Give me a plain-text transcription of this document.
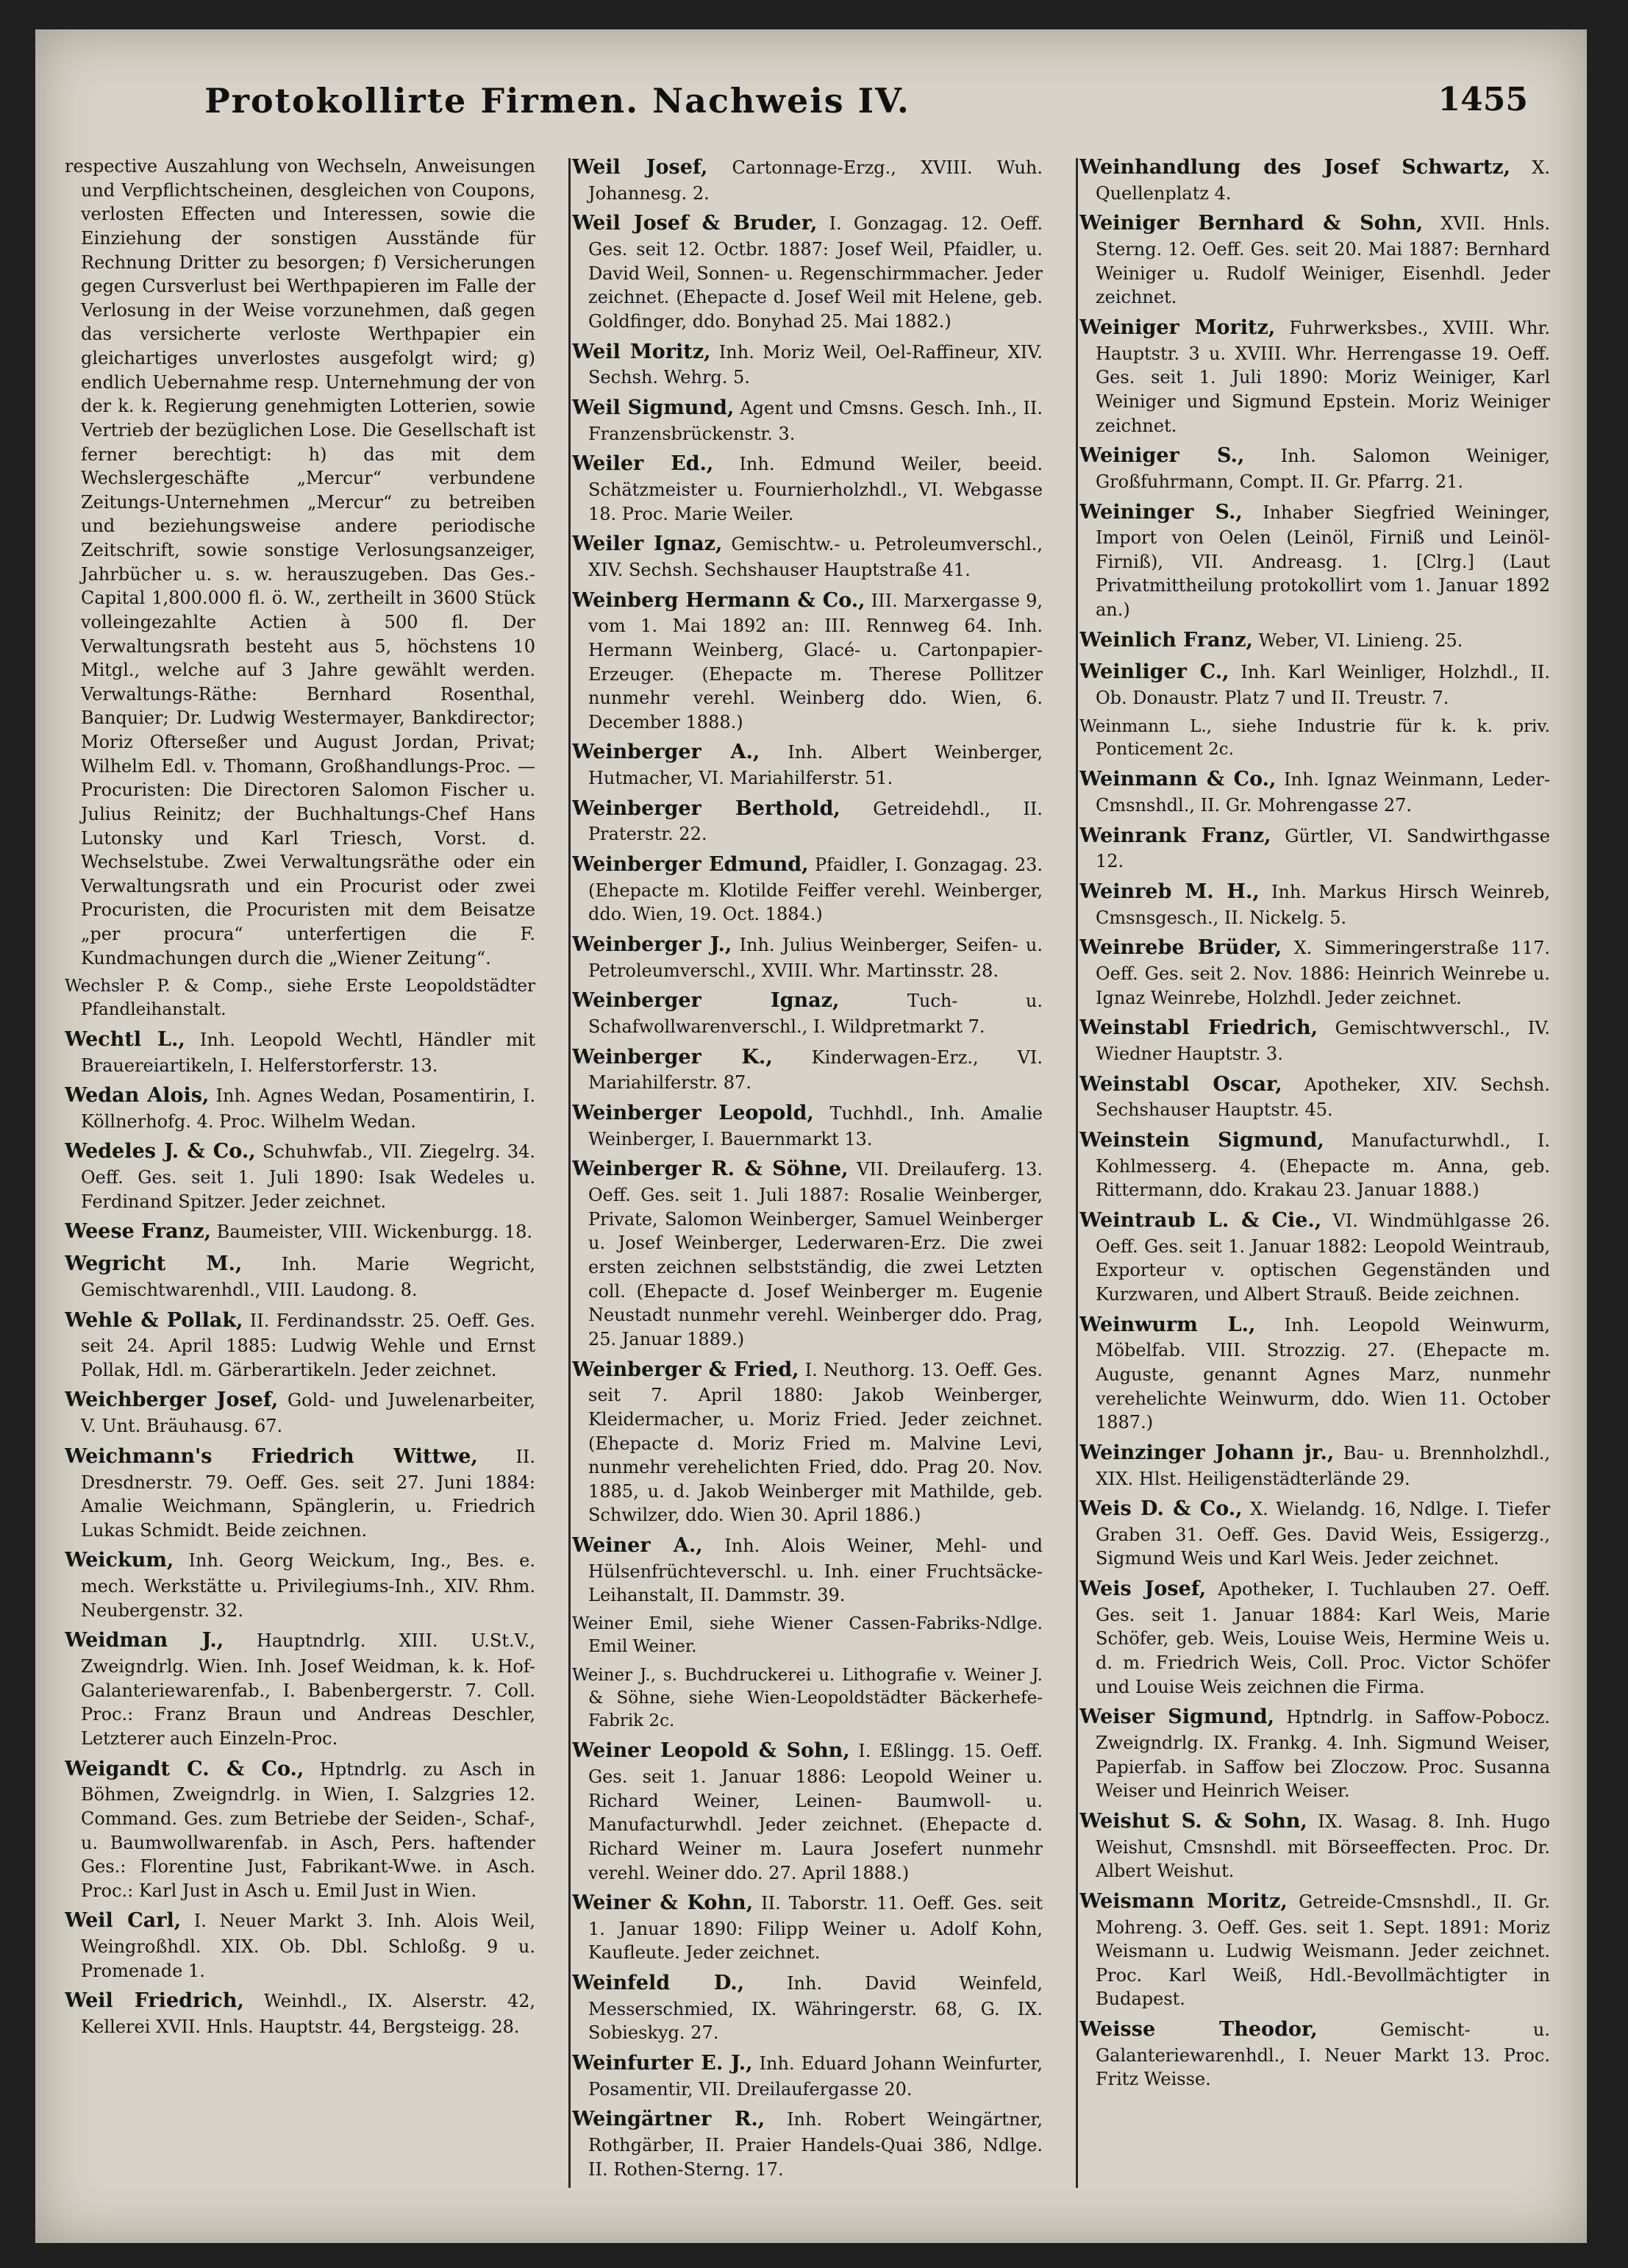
Protokollirte Firmen. Nachweis IV.	1455

respective Auszahlung von Wechseln, Anweisungen und Verpflichtscheinen, desgleichen von Coupons, verlosten Effecten und Interessen, sowie die Einziehung der sonstigen Ausstände für Rechnung Dritter zu besorgen; f) Versicherungen gegen Cursverlust bei Werthpapieren im Falle der Verlosung in der Weise vorzunehmen, daß gegen das versicherte verloste Werthpapier ein gleichartiges unverlostes ausgefolgt wird; g) endlich Uebernahme resp. Unternehmung der von der k. k. Regierung genehmigten Lotterien, sowie Vertrieb der bezüglichen Lose. Die Gesellschaft ist ferner berechtigt: h) das mit dem Wechslergeschäfte „Mercur“ verbundene Zeitungs-Unternehmen „Mercur“ zu betreiben und beziehungsweise andere periodische Zeitschrift, sowie sonstige Verlosungsanzeiger, Jahrbücher u. s. w. herauszugeben. Das Ges.-Capital 1,800.000 fl. ö. W., zertheilt in 3600 Stück volleingezahlte Actien à 500 fl. Der Verwaltungsrath besteht aus 5, höchstens 10 Mitgl., welche auf 3 Jahre gewählt werden. Verwaltungs-Räthe: Bernhard Rosenthal, Banquier; Dr. Ludwig Westermayer, Bankdirector; Moriz Ofterseßer und August Jordan, Privat; Wilhelm Edl. v. Thomann, Großhandlungs-Proc. — Procuristen: Die Directoren Salomon Fischer u. Julius Reinitz; der Buchhaltungs-Chef Hans Lutonsky und Karl Triesch, Vorst. d. Wechselstube. Zwei Verwaltungsräthe oder ein Verwaltungsrath und ein Procurist oder zwei Procuristen, die Procuristen mit dem Beisatze „per procura“ unterfertigen die F. Kundmachungen durch die „Wiener Zeitung“.

Wechsler P. & Comp., siehe Erste Leopoldstädter Pfandleihanstalt.

Wechtl L., Inh. Leopold Wechtl, Händler mit Brauereiartikeln, I. Helferstorferstr. 13.

Wedan Alois, Inh. Agnes Wedan, Posamentirin, I. Köllnerhofg. 4. Proc. Wilhelm Wedan.

Wedeles J. & Co., Schuhwfab., VII. Ziegelrg. 34. Oeff. Ges. seit 1. Juli 1890: Isak Wedeles u. Ferdinand Spitzer. Jeder zeichnet.

Weese Franz, Baumeister, VIII. Wickenburgg. 18.

Wegricht M., Inh. Marie Wegricht, Gemischtwarenhdl., VIII. Laudong. 8.

Wehle & Pollak, II. Ferdinandsstr. 25. Oeff. Ges. seit 24. April 1885: Ludwig Wehle und Ernst Pollak, Hdl. m. Gärberartikeln. Jeder zeichnet.

Weichberger Josef, Gold- und Juwelenarbeiter, V. Unt. Bräuhausg. 67.

Weichmann's Friedrich Wittwe, II. Dresdnerstr. 79. Oeff. Ges. seit 27. Juni 1884: Amalie Weichmann, Spänglerin, u. Friedrich Lukas Schmidt. Beide zeichnen.

Weickum, Inh. Georg Weickum, Ing., Bes. e. mech. Werkstätte u. Privilegiums-Inh., XIV. Rhm. Neubergenstr. 32.

Weidman J., Hauptndrlg. XIII. U.St.V., Zweigndrlg. Wien. Inh. Josef Weidman, k. k. Hof-Galanteriewarenfab., I. Babenbergerstr. 7. Coll. Proc.: Franz Braun und Andreas Deschler, Letzterer auch Einzeln-Proc.

Weigandt C. & Co., Hptndrlg. zu Asch in Böhmen, Zweigndrlg. in Wien, I. Salzgries 12. Command. Ges. zum Betriebe der Seiden-, Schaf-, u. Baumwollwarenfab. in Asch, Pers. haftender Ges.: Florentine Just, Fabrikant-Wwe. in Asch. Proc.: Karl Just in Asch u. Emil Just in Wien.

Weil Carl, I. Neuer Markt 3. Inh. Alois Weil, Weingroßhdl. XIX. Ob. Dbl. Schloßg. 9 u. Promenade 1.

Weil Friedrich, Weinhdl., IX. Alserstr. 42, Kellerei XVII. Hnls. Hauptstr. 44, Bergsteigg. 28.

Weil Josef, Cartonnage-Erzg., XVIII. Wuh. Johannesg. 2.

Weil Josef & Bruder, I. Gonzagag. 12. Oeff. Ges. seit 12. Octbr. 1887: Josef Weil, Pfaidler, u. David Weil, Sonnen- u. Regenschirmmacher. Jeder zeichnet. (Ehepacte d. Josef Weil mit Helene, geb. Goldfinger, ddo. Bonyhad 25. Mai 1882.)

Weil Moritz, Inh. Moriz Weil, Oel-Raffineur, XIV. Sechsh. Wehrg. 5.

Weil Sigmund, Agent und Cmsns. Gesch. Inh., II. Franzensbrückenstr. 3.

Weiler Ed., Inh. Edmund Weiler, beeid. Schätzmeister u. Fournierholzhdl., VI. Webgasse 18. Proc. Marie Weiler.

Weiler Ignaz, Gemischtw.- u. Petroleumverschl., XIV. Sechsh. Sechshauser Hauptstraße 41.

Weinberg Hermann & Co., III. Marxergasse 9, vom 1. Mai 1892 an: III. Rennweg 64. Inh. Hermann Weinberg, Glacé- u. Cartonpapier-Erzeuger. (Ehepacte m. Therese Pollitzer nunmehr verehl. Weinberg ddo. Wien, 6. December 1888.)

Weinberger A., Inh. Albert Weinberger, Hutmacher, VI. Mariahilferstr. 51.

Weinberger Berthold, Getreidehdl., II. Praterstr. 22.

Weinberger Edmund, Pfaidler, I. Gonzagag. 23. (Ehepacte m. Klotilde Feiffer verehl. Weinberger, ddo. Wien, 19. Oct. 1884.)

Weinberger J., Inh. Julius Weinberger, Seifen- u. Petroleumverschl., XVIII. Whr. Martinsstr. 28.

Weinberger Ignaz, Tuch- u. Schafwollwarenverschl., I. Wildpretmarkt 7.

Weinberger K., Kinderwagen-Erz., VI. Mariahilferstr. 87.

Weinberger Leopold, Tuchhdl., Inh. Amalie Weinberger, I. Bauernmarkt 13.

Weinberger R. & Söhne, VII. Dreilauferg. 13. Oeff. Ges. seit 1. Juli 1887: Rosalie Weinberger, Private, Salomon Weinberger, Samuel Weinberger u. Josef Weinberger, Lederwaren-Erz. Die zwei ersten zeichnen selbstständig, die zwei Letzten coll. (Ehepacte d. Josef Weinberger m. Eugenie Neustadt nunmehr verehl. Weinberger ddo. Prag, 25. Januar 1889.)

Weinberger & Fried, I. Neuthorg. 13. Oeff. Ges. seit 7. April 1880: Jakob Weinberger, Kleidermacher, u. Moriz Fried. Jeder zeichnet. (Ehepacte d. Moriz Fried m. Malvine Levi, nunmehr verehelichten Fried, ddo. Prag 20. Nov. 1885, u. d. Jakob Weinberger mit Mathilde, geb. Schwilzer, ddo. Wien 30. April 1886.)

Weiner A., Inh. Alois Weiner, Mehl- und Hülsenfrüchteverschl. u. Inh. einer Fruchtsäcke-Leihanstalt, II. Dammstr. 39.

Weiner Emil, siehe Wiener Cassen-Fabriks-Ndlge. Emil Weiner.

Weiner J., s. Buchdruckerei u. Lithografie v. Weiner J. & Söhne, siehe Wien-Leopoldstädter Bäckerhefe-Fabrik 2c.

Weiner Leopold & Sohn, I. Eßlingg. 15. Oeff. Ges. seit 1. Januar 1886: Leopold Weiner u. Richard Weiner, Leinen- Baumwoll- u. Manufacturwhdl. Jeder zeichnet. (Ehepacte d. Richard Weiner m. Laura Josefert nunmehr verehl. Weiner ddo. 27. April 1888.)

Weiner & Kohn, II. Taborstr. 11. Oeff. Ges. seit 1. Januar 1890: Filipp Weiner u. Adolf Kohn, Kaufleute. Jeder zeichnet.

Weinfeld D., Inh. David Weinfeld, Messerschmied, IX. Währingerstr. 68, G. IX. Sobieskyg. 27.

Weinfurter E. J., Inh. Eduard Johann Weinfurter, Posamentir, VII. Dreilaufergasse 20.

Weingärtner R., Inh. Robert Weingärtner, Rothgärber, II. Praier Handels-Quai 386, Ndlge. II. Rothen-Sterng. 17.

Weinhandlung des Josef Schwartz, X. Quellenplatz 4.

Weiniger Bernhard & Sohn, XVII. Hnls. Sterng. 12. Oeff. Ges. seit 20. Mai 1887: Bernhard Weiniger u. Rudolf Weiniger, Eisenhdl. Jeder zeichnet.

Weiniger Moritz, Fuhrwerksbes., XVIII. Whr. Hauptstr. 3 u. XVIII. Whr. Herrengasse 19. Oeff. Ges. seit 1. Juli 1890: Moriz Weiniger, Karl Weiniger und Sigmund Epstein. Moriz Weiniger zeichnet.

Weiniger S., Inh. Salomon Weiniger, Großfuhrmann, Compt. II. Gr. Pfarrg. 21.

Weininger S., Inhaber Siegfried Weininger, Import von Oelen (Leinöl, Firniß und Leinöl-Firniß), VII. Andreasg. 1. [Clrg.] (Laut Privatmittheilung protokollirt vom 1. Januar 1892 an.)

Weinlich Franz, Weber, VI. Linieng. 25.

Weinliger C., Inh. Karl Weinliger, Holzhdl., II. Ob. Donaustr. Platz 7 und II. Treustr. 7.

Weinmann L., siehe Industrie für k. k. priv. Ponticement 2c.

Weinmann & Co., Inh. Ignaz Weinmann, Leder-Cmsnshdl., II. Gr. Mohrengasse 27.

Weinrank Franz, Gürtler, VI. Sandwirthgasse 12.

Weinreb M. H., Inh. Markus Hirsch Weinreb, Cmsnsgesch., II. Nickelg. 5.

Weinrebe Brüder, X. Simmeringerstraße 117. Oeff. Ges. seit 2. Nov. 1886: Heinrich Weinrebe u. Ignaz Weinrebe, Holzhdl. Jeder zeichnet.

Weinstabl Friedrich, Gemischtwverschl., IV. Wiedner Hauptstr. 3.

Weinstabl Oscar, Apotheker, XIV. Sechsh. Sechshauser Hauptstr. 45.

Weinstein Sigmund, Manufacturwhdl., I. Kohlmesserg. 4. (Ehepacte m. Anna, geb. Rittermann, ddo. Krakau 23. Januar 1888.)

Weintraub L. & Cie., VI. Windmühlgasse 26. Oeff. Ges. seit 1. Januar 1882: Leopold Weintraub, Exporteur v. optischen Gegenständen und Kurzwaren, und Albert Strauß. Beide zeichnen.

Weinwurm L., Inh. Leopold Weinwurm, Möbelfab. VIII. Strozzig. 27. (Ehepacte m. Auguste, genannt Agnes Marz, nunmehr verehelichte Weinwurm, ddo. Wien 11. October 1887.)

Weinzinger Johann jr., Bau- u. Brennholzhdl., XIX. Hlst. Heiligenstädterlände 29.

Weis D. & Co., X. Wielandg. 16, Ndlge. I. Tiefer Graben 31. Oeff. Ges. David Weis, Essigerzg., Sigmund Weis und Karl Weis. Jeder zeichnet.

Weis Josef, Apotheker, I. Tuchlauben 27. Oeff. Ges. seit 1. Januar 1884: Karl Weis, Marie Schöfer, geb. Weis, Louise Weis, Hermine Weis u. d. m. Friedrich Weis, Coll. Proc. Victor Schöfer und Louise Weis zeichnen die Firma.

Weiser Sigmund, Hptndrlg. in Saffow-Pobocz. Zweigndrlg. IX. Frankg. 4. Inh. Sigmund Weiser, Papierfab. in Saffow bei Zloczow. Proc. Susanna Weiser und Heinrich Weiser.

Weishut S. & Sohn, IX. Wasag. 8. Inh. Hugo Weishut, Cmsnshdl. mit Börseeffecten. Proc. Dr. Albert Weishut.

Weismann Moritz, Getreide-Cmsnshdl., II. Gr. Mohreng. 3. Oeff. Ges. seit 1. Sept. 1891: Moriz Weismann u. Ludwig Weismann. Jeder zeichnet. Proc. Karl Weiß, Hdl.-Bevollmächtigter in Budapest.

Weisse Theodor, Gemischt- u. Galanteriewarenhdl., I. Neuer Markt 13. Proc. Fritz Weisse.
